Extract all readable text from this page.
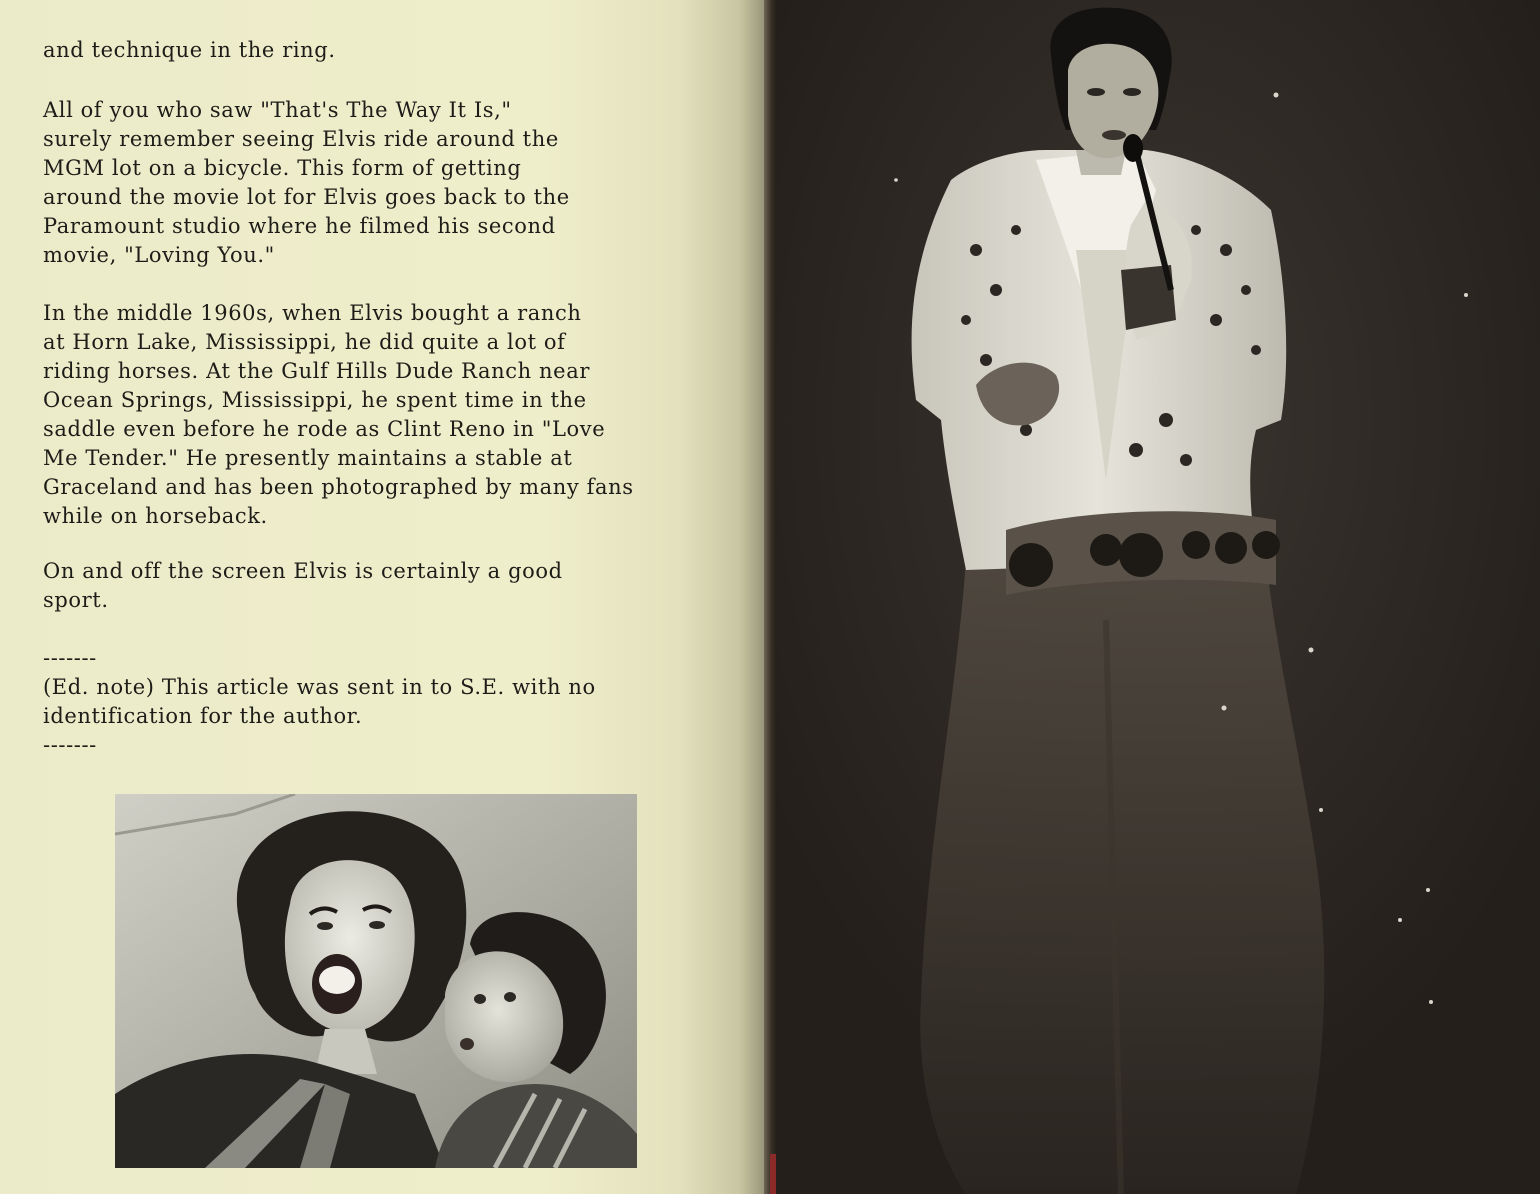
and technique in the ring.

All of you who saw "That's The Way It Is,"
surely remember seeing Elvis ride around the
MGM lot on a bicycle. This form of getting
around the movie lot for Elvis goes back to the
Paramount studio where he filmed his second
movie, "Loving You."

In the middle 1960s, when Elvis bought a ranch
at Horn Lake, Mississippi, he did quite a lot of
riding horses. At the Gulf Hills Dude Ranch near
Ocean Springs, Mississippi, he spent time in the
saddle even before he rode as Clint Reno in "Love
Me Tender." He presently maintains a stable at
Graceland and has been photographed by many fans
while on horseback.

On and off the screen Elvis is certainly a good
sport.

-------

(Ed. note) This article was sent in to S.E. with no
identification for the author.

-------
